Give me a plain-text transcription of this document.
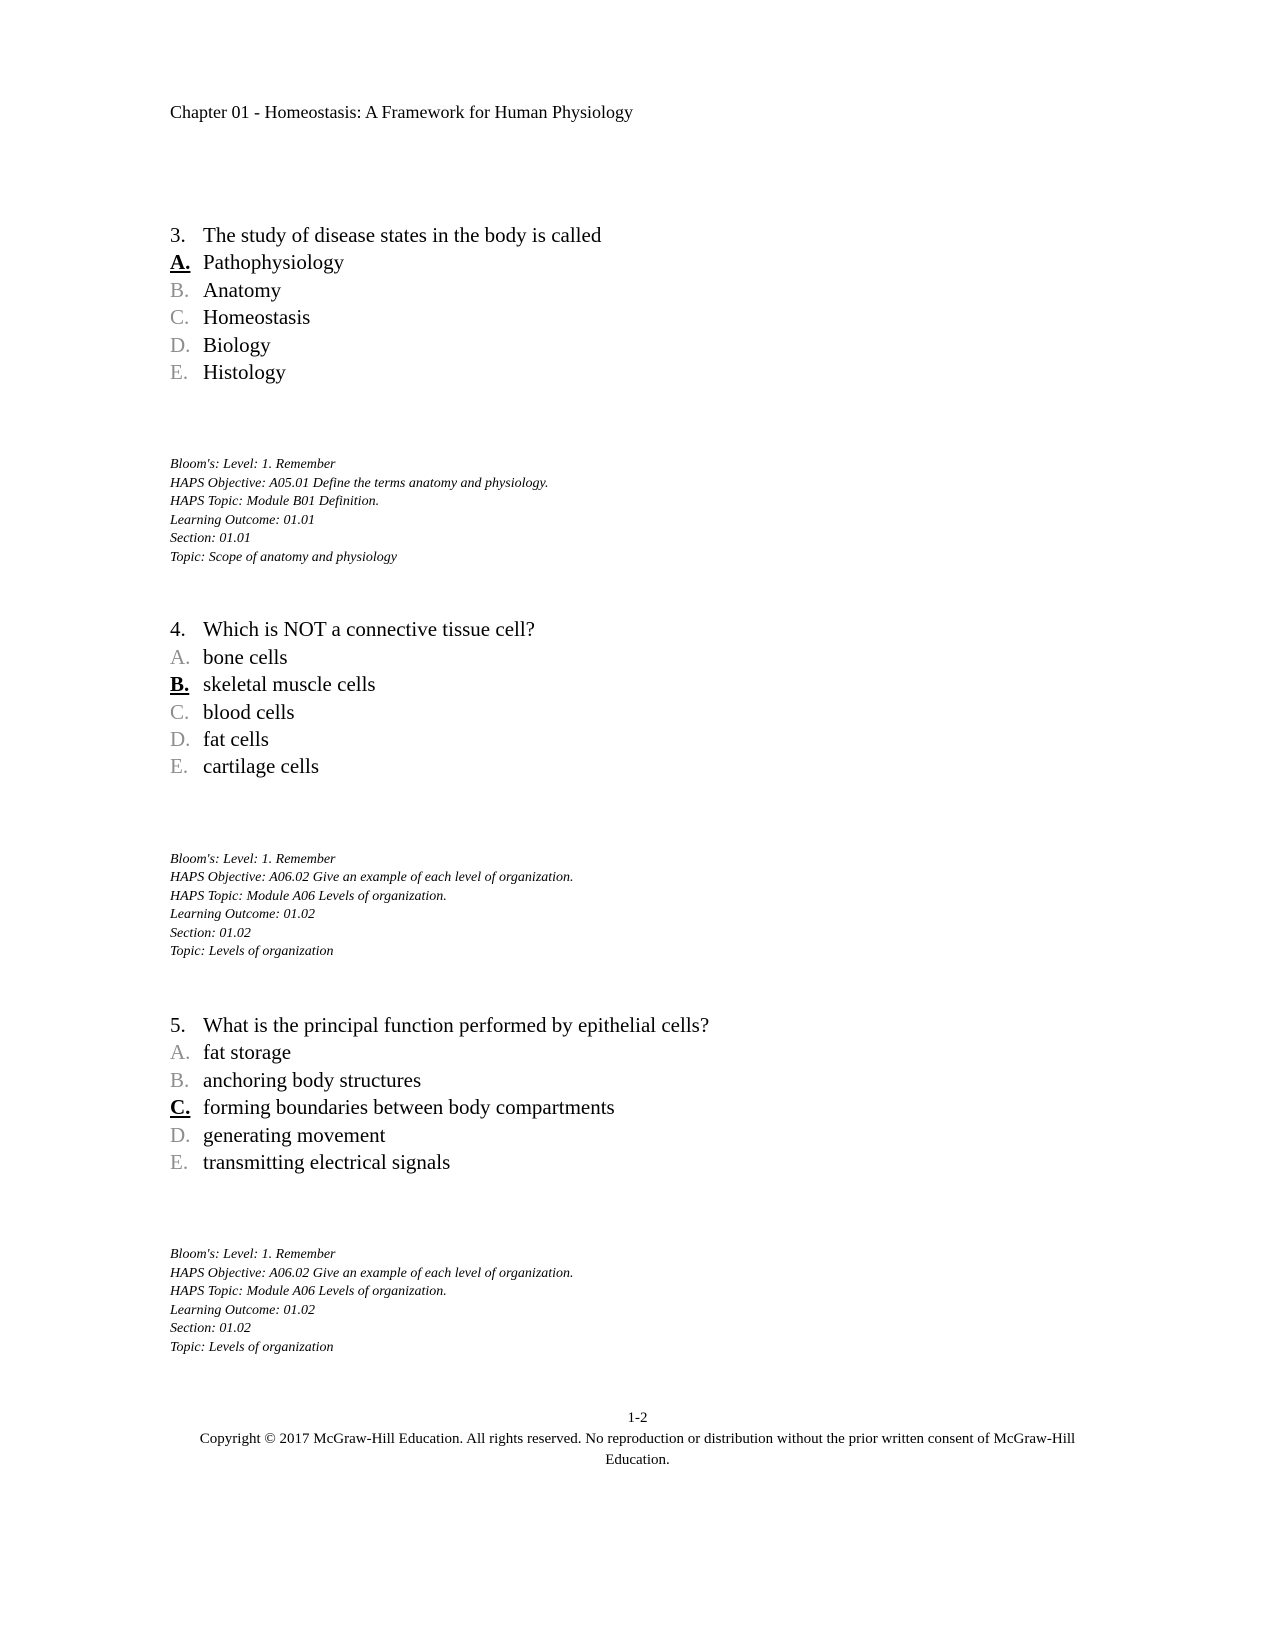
Chapter 01 - Homeostasis: A Framework for Human Physiology

3. The study of disease states in the body is called

A. Pathophysiology

B. Anatomy

C. Homeostasis

D. Biology

E. Histology

Bloom's: Level: 1. Remember

HAPS Objective: A05.01 Define the terms anatomy and physiology.

HAPS Topic: Module B01 Definition.

Learning Outcome: 01.01

Section: 01.01

Topic: Scope of anatomy and physiology

4. Which is NOT a connective tissue cell?

A. bone cells

B. skeletal muscle cells

C. blood cells

D. fat cells

E. cartilage cells

Bloom's: Level: 1. Remember

HAPS Objective: A06.02 Give an example of each level of organization.

HAPS Topic: Module A06 Levels of organization.

Learning Outcome: 01.02

Section: 01.02

Topic: Levels of organization

5. What is the principal function performed by epithelial cells?

A. fat storage

B. anchoring body structures

C. forming boundaries between body compartments

D. generating movement

E. transmitting electrical signals

Bloom's: Level: 1. Remember

HAPS Objective: A06.02 Give an example of each level of organization.

HAPS Topic: Module A06 Levels of organization.

Learning Outcome: 01.02

Section: 01.02

Topic: Levels of organization

1-2

Copyright © 2017 McGraw-Hill Education. All rights reserved. No reproduction or distribution without the prior written consent of McGraw-Hill Education.
